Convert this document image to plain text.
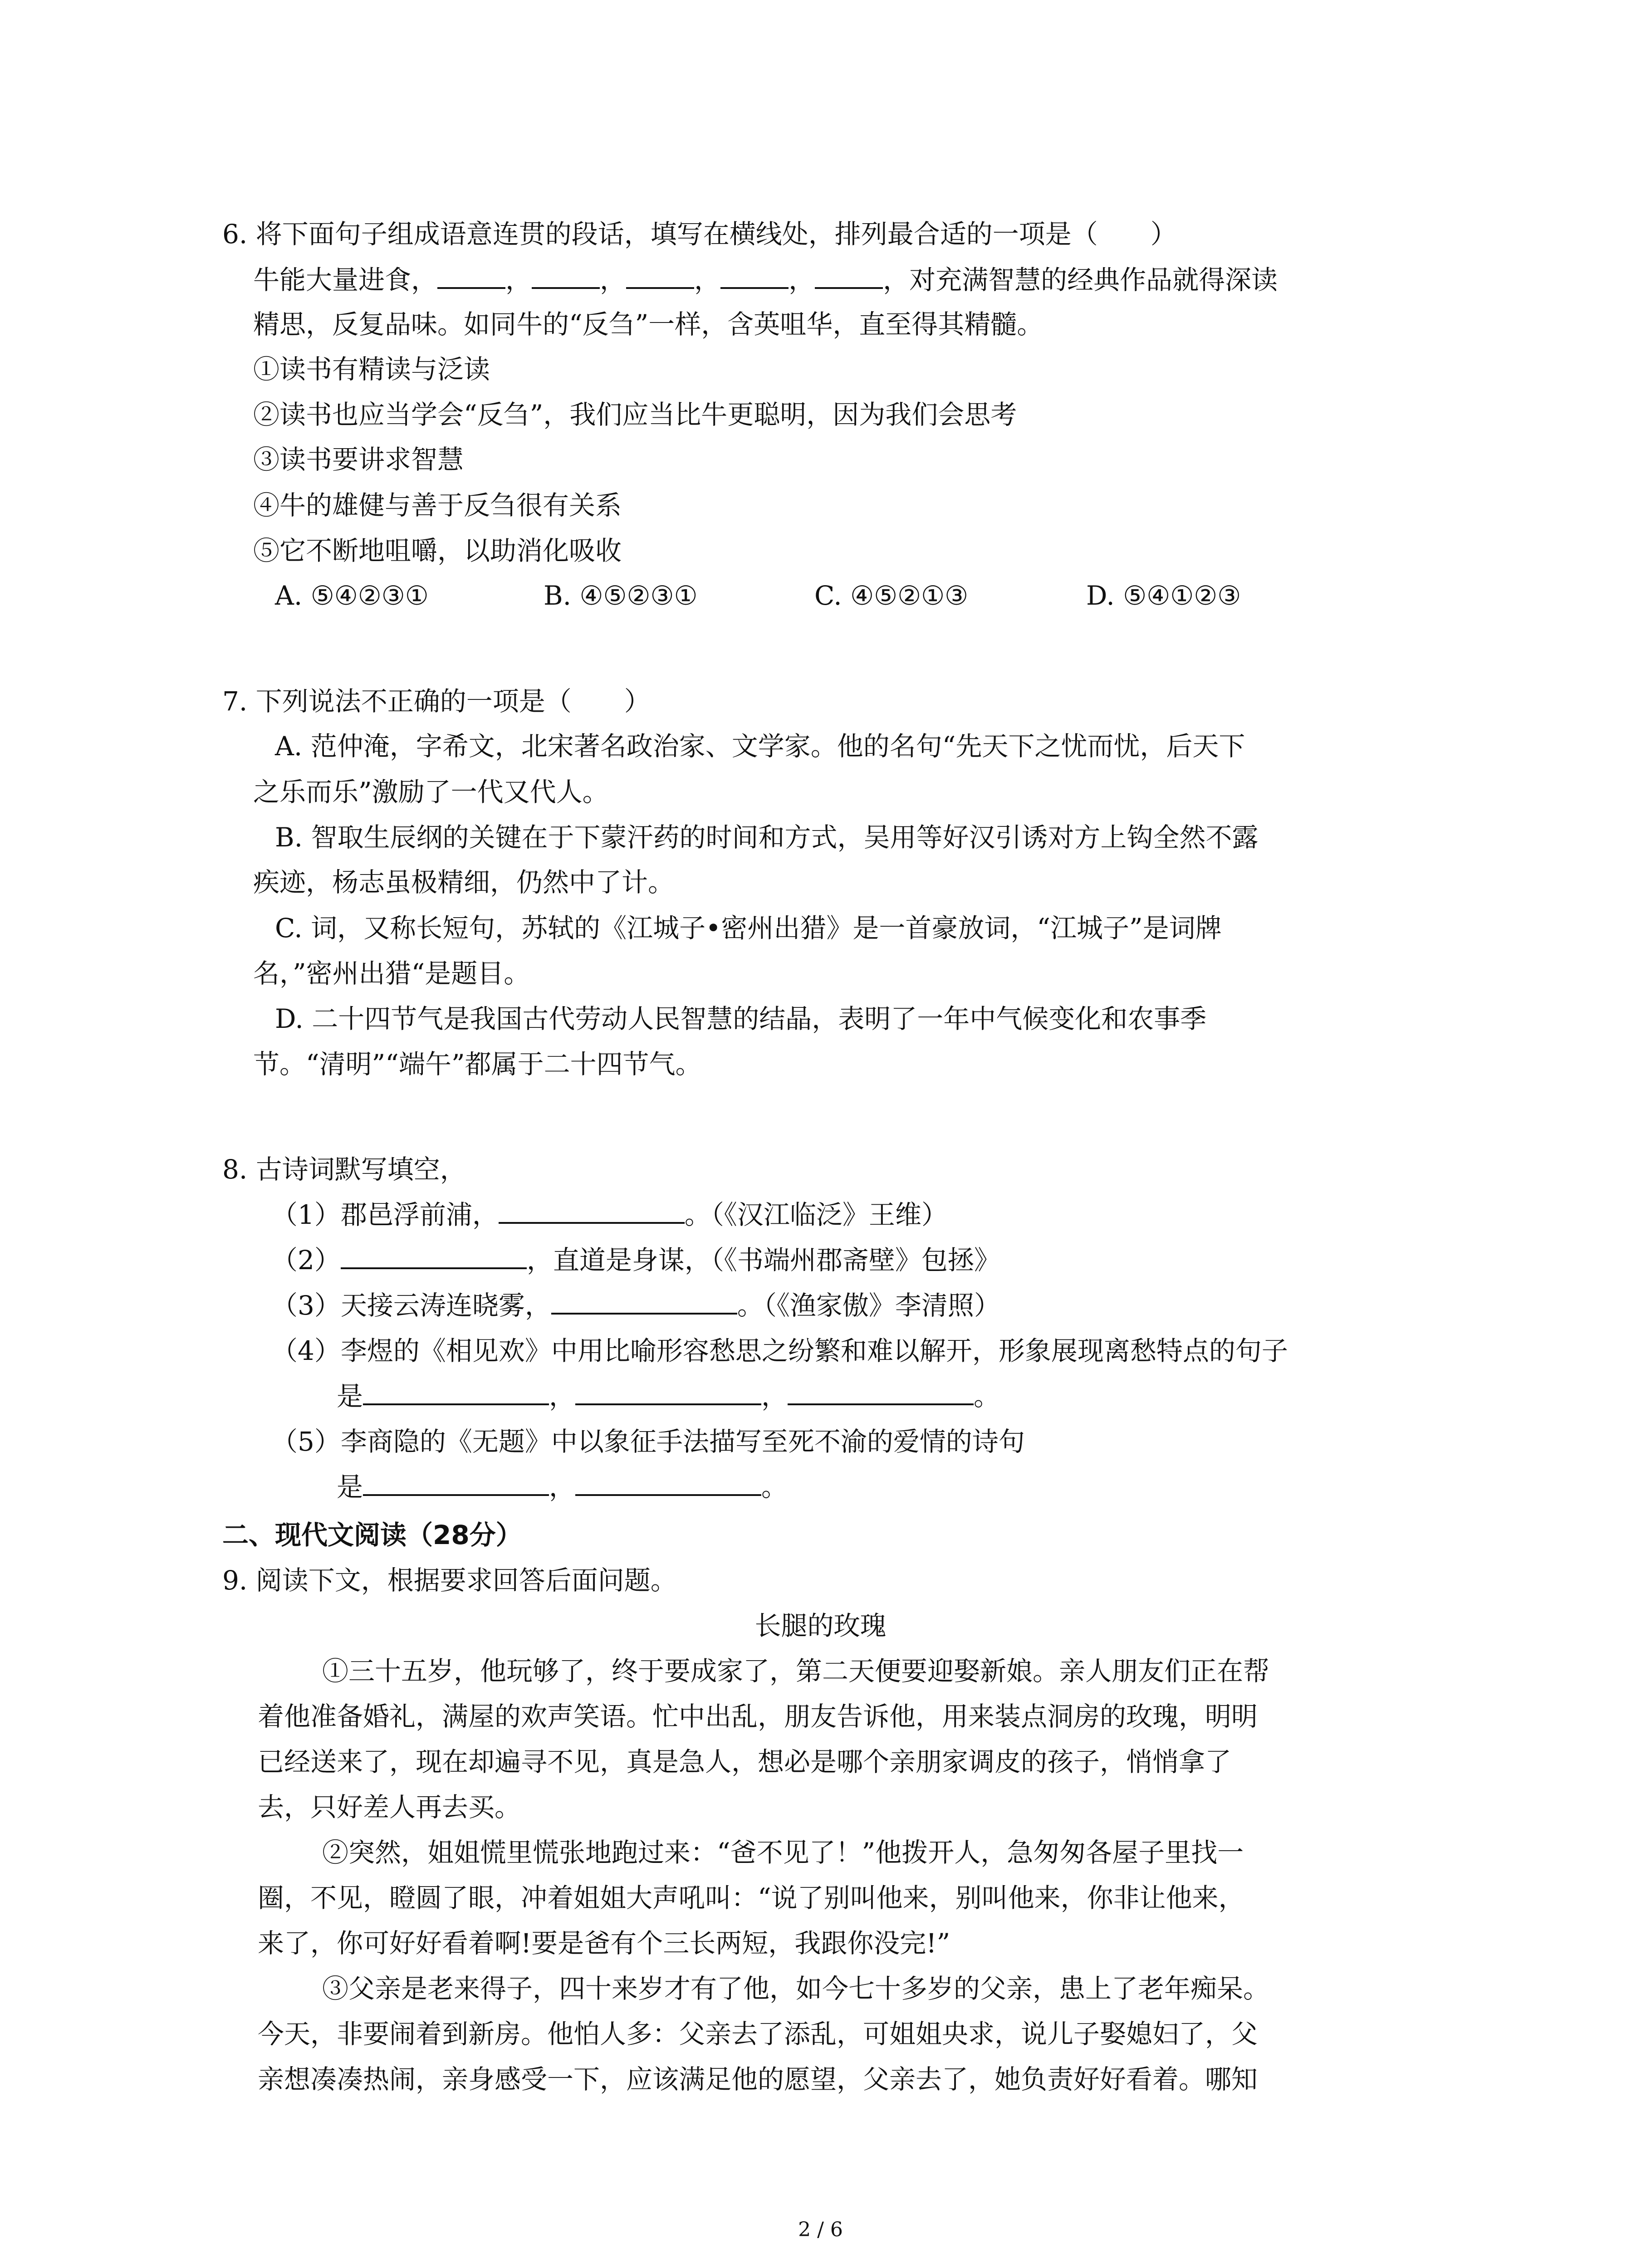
6. 将下面句子组成语意连贯的段话，填写在横线处，排列最合适的一项是（　　）
牛能大量进食，	，	，	，	，	，对充满智慧的经典作品就得深读
精思，反复品味。如同牛的“反刍”一样，含英咀华，直至得其精髓。
①读书有精读与泛读
②读书也应当学会“反刍”，我们应当比牛更聪明，因为我们会思考
③读书要讲求智慧
④牛的雄健与善于反刍很有关系
⑤它不断地咀嚼，以助消化吸收
A. ⑤④②③①	B. ④⑤②③①	C. ④⑤②①③	D. ⑤④①②③
7. 下列说法不正确的一项是（　　）
A. 范仲淹，字希文，北宋著名政治家、文学家。他的名句“先天下之忧而忧，后天下
之乐而乐”激励了一代又代人。
B. 智取生辰纲的关键在于下蒙汗药的时间和方式，吴用等好汉引诱对方上钩全然不露
疾迹，杨志虽极精细，仍然中了计。
C. 词，又称长短句，苏轼的《江城子•密州出猎》是一首豪放词，“江城子”是词牌
名，”密州出猎“是题目。
D. 二十四节气是我国古代劳动人民智慧的结晶，表明了一年中气候变化和农事季
节。“清明”“端午”都属于二十四节气。
8. 古诗词默写填空，
（1）郡邑浮前浦，	。（《汉江临泛》王维）
（2）	，直道是身谋，（《书端州郡斋壁》包拯》
（3）天接云涛连晓雾，	。（《渔家傲》李清照）
（4）李煜的《相见欢》中用比喻形容愁思之纷繁和难以解开，形象展现离愁特点的句子
是	，	，	。
（5）李商隐的《无题》中以象征手法描写至死不渝的爱情的诗句
是	，	。
二、现代文阅读（28分）
9. 阅读下文，根据要求回答后面问题。
长腿的玫瑰
①三十五岁，他玩够了，终于要成家了，第二天便要迎娶新娘。亲人朋友们正在帮
着他准备婚礼，满屋的欢声笑语。忙中出乱，朋友告诉他，用来装点洞房的玫瑰，明明
已经送来了，现在却遍寻不见，真是急人，想必是哪个亲朋家调皮的孩子，悄悄拿了
去，只好差人再去买。
②突然，姐姐慌里慌张地跑过来：“爸不见了！”他拨开人，急匆匆各屋子里找一
圈，不见，瞪圆了眼，冲着姐姐大声吼叫：“说了别叫他来，别叫他来，你非让他来，
来了，你可好好看着啊!要是爸有个三长两短，我跟你没完!”
③父亲是老来得子，四十来岁才有了他，如今七十多岁的父亲，患上了老年痴呆。
今天，非要闹着到新房。他怕人多：父亲去了添乱，可姐姐央求，说儿子娶媳妇了，父
亲想凑凑热闹，亲身感受一下，应该满足他的愿望，父亲去了，她负责好好看着。哪知
2 / 6
